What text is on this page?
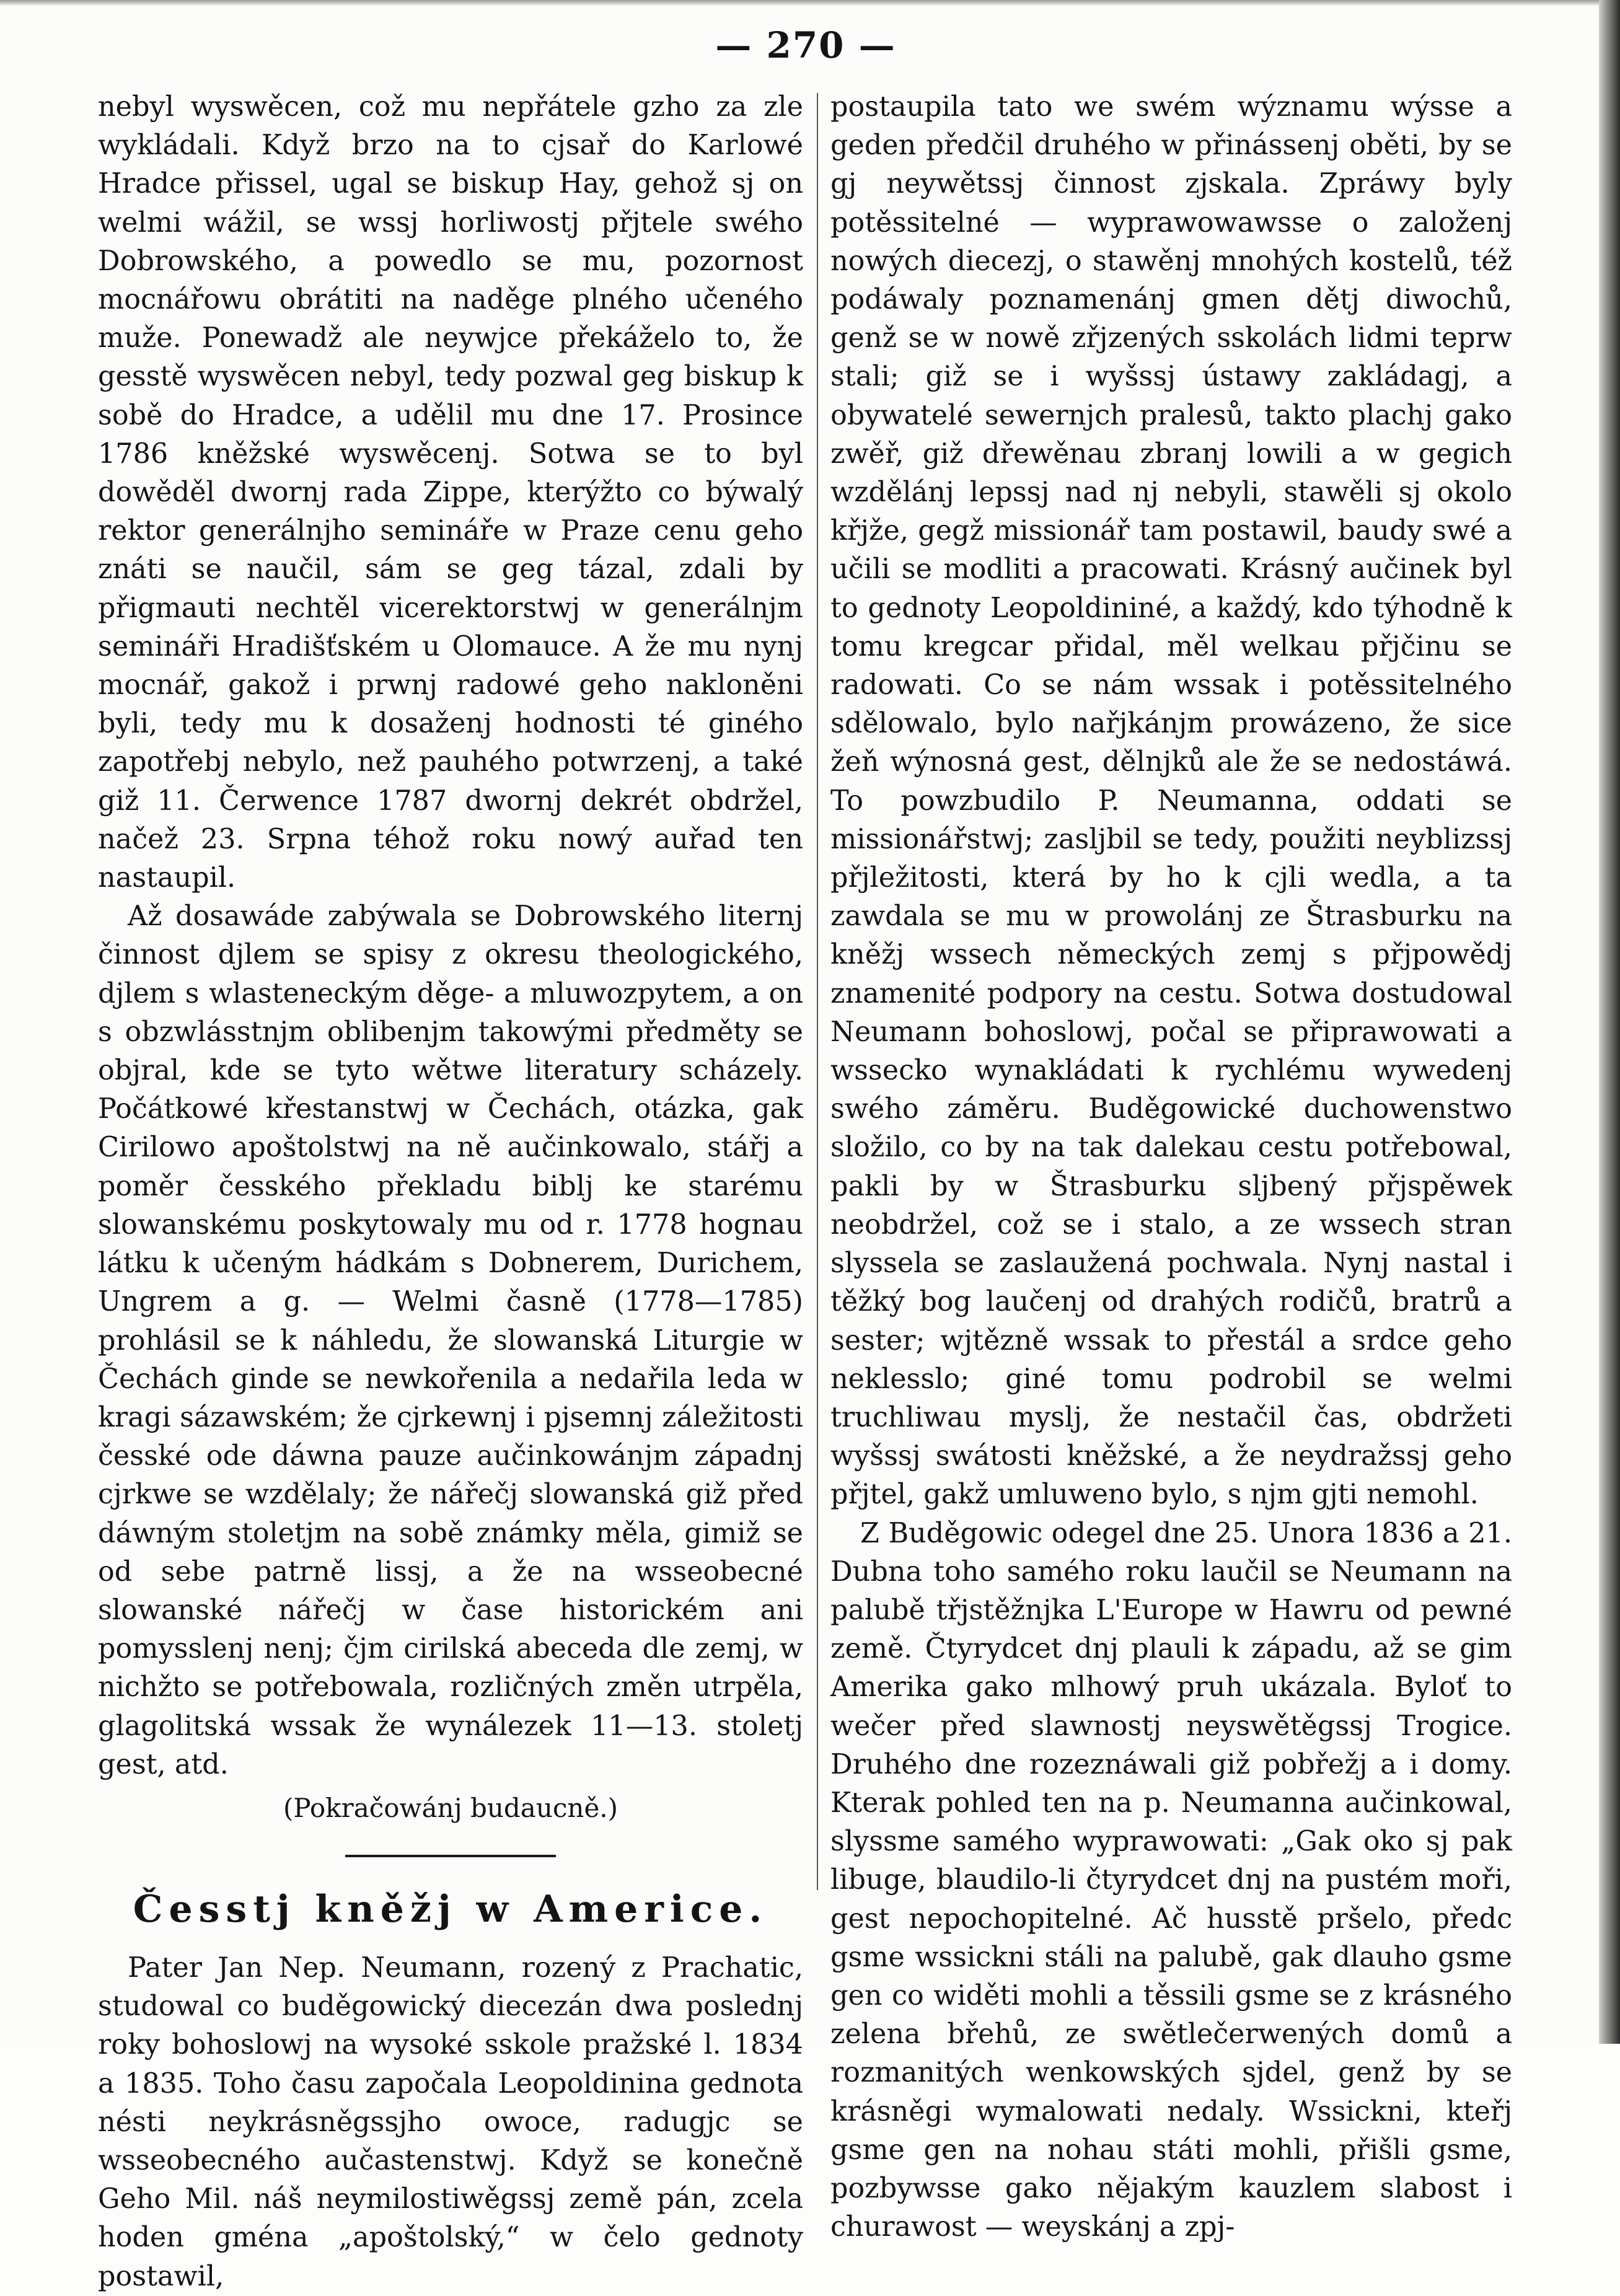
— 270 —

nebyl wyswěcen, což mu nepřátele gzho za zle wykládali. Když brzo na to cjsař do Karlowé Hradce přissel, ugal se biskup Hay, gehož sj on welmi wážil, se wssj horliwostj přjtele swého Dobrowského, a powedlo se mu, pozornost mocnářowu obrátiti na naděge plného učeného muže. Ponewadž ale neywjce překáželo to, že gesstě wyswěcen nebyl, tedy pozwal geg biskup k sobě do Hradce, a udělil mu dne 17. Prosince 1786 kněžské wyswěcenj. Sotwa se to byl dowěděl dwornj rada Zippe, kterýžto co býwalý rektor generálnjho semináře w Praze cenu geho znáti se naučil, sám se geg tázal, zdali by přigmauti nechtěl vicerektorstwj w generálnjm semináři Hradišťském u Olomauce. A že mu nynj mocnář, gakož i prwnj radowé geho nakloněni byli, tedy mu k dosaženj hodnosti té giného zapotřebj nebylo, než pauhého potwrzenj, a také giž 11. Čerwence 1787 dwornj dekrét obdržel, načež 23. Srpna téhož roku nowý auřad ten nastaupil.

Až dosawáde zabýwala se Dobrowského liternj činnost djlem se spisy z okresu theologického, djlem s wlasteneckým děge- a mluwozpytem, a on s obzwlásstnjm oblibenjm takowými předměty se objral, kde se tyto wětwe literatury scházely. Počátkowé křestanstwj w Čechách, otázka, gak Cirilowo apoštolstwj na ně aučinkowalo, stářj a poměr česského překladu biblj ke starému slowanskému poskytowaly mu od r. 1778 hognau látku k učeným hádkám s Dobnerem, Durichem, Ungrem a g. — Welmi časně (1778—1785) prohlásil se k náhledu, že slowanská Liturgie w Čechách ginde se newkořenila a nedařila leda w kragi sázawském; že cjrkewnj i pjsemnj záležitosti česské ode dáwna pauze aučinkowánjm západnj cjrkwe se wzdělaly; že nářečj slowanská giž před dáwným stoletjm na sobě známky měla, gimiž se od sebe patrně lissj, a že na wsseobecné slowanské nářečj w čase historickém ani pomysslenj nenj; čjm cirilská abeceda dle zemj, w nichžto se potřebowala, rozličných změn utrpěla, glagolitská wssak že wynálezek 11—13. stoletj gest, atd.

(Pokračowánj budaucně.)

Česstj kněžj w Americe.

Pater Jan Nep. Neumann, rozený z Prachatic, studowal co buděgowický diecezán dwa poslednj roky bohoslowj na wysoké sskole pražské l. 1834 a 1835. Toho času započala Leopoldinina gednota nésti neykrásněgssjho owoce, radugjc se wsseobecného aučastenstwj. Když se konečně Geho Mil. náš neymilostiwěgssj země pán, zcela hoden gména „apoštolský,“ w čelo gednoty postawil,

postaupila tato we swém wýznamu wýsse a geden předčil druhého w přinássenj oběti, by se gj neywětssj činnost zjskala. Zpráwy byly potěssitelné — wyprawowawsse o založenj nowých diecezj, o stawěnj mnohých kostelů, též podáwaly poznamenánj gmen dětj diwochů, genž se w nowě zřjzených sskolách lidmi teprw stali; giž se i wyšssj ústawy zakládagj, a obywatelé sewernjch pralesů, takto plachj gako zwěř, giž dřewěnau zbranj lowili a w gegich wzdělánj lepssj nad nj nebyli, stawěli sj okolo křjže, gegž missionář tam postawil, baudy swé a učili se modliti a pracowati. Krásný aučinek byl to gednoty Leopoldininé, a každý, kdo týhodně k tomu kregcar přidal, měl welkau přjčinu se radowati. Co se nám wssak i potěssitelného sdělowalo, bylo nařjkánjm prowázeno, že sice žeň wýnosná gest, dělnjků ale že se nedostáwá. To powzbudilo P. Neumanna, oddati se missionářstwj; zasljbil se tedy, použiti neyblizssj přjležitosti, která by ho k cjli wedla, a ta zawdala se mu w prowolánj ze Štrasburku na kněžj wssech německých zemj s přjpowědj znamenité podpory na cestu. Sotwa dostudowal Neumann bohoslowj, počal se připrawowati a wssecko wynakládati k rychlému wywedenj swého záměru. Buděgowické duchowenstwo složilo, co by na tak dalekau cestu potřebowal, pakli by w Štrasburku sljbený přjspěwek neobdržel, což se i stalo, a ze wssech stran slyssela se zaslaužená pochwala. Nynj nastal i těžký bog laučenj od drahých rodičů, bratrů a sester; wjtězně wssak to přestál a srdce geho neklesslo; giné tomu podrobil se welmi truchliwau myslj, že nestačil čas, obdržeti wyšssj swátosti kněžské, a že neydražssj geho přjtel, gakž umluweno bylo, s njm gjti nemohl.

Z Buděgowic odegel dne 25. Unora 1836 a 21. Dubna toho samého roku laučil se Neumann na palubě třjstěžnjka L'Europe w Hawru od pewné země. Čtyrydcet dnj plauli k západu, až se gim Amerika gako mlhowý pruh ukázala. Byloť to wečer před slawnostj neyswětěgssj Trogice. Druhého dne rozeznáwali giž pobřežj a i domy. Kterak pohled ten na p. Neumanna aučinkowal, slyssme samého wyprawowati: „Gak oko sj pak libuge, blaudilo-li čtyrydcet dnj na pustém moři, gest nepochopitelné. Ač husstě pršelo, předc gsme wssickni stáli na palubě, gak dlauho gsme gen co widěti mohli a těssili gsme se z krásného zelena břehů, ze swětlečerwených domů a rozmanitých wenkowských sjdel, genž by se krásněgi wymalowati nedaly. Wssickni, kteřj gsme gen na nohau státi mohli, přišli gsme, pozbywsse gako nějakým kauzlem slabost i churawost — weyskánj a zpj-
